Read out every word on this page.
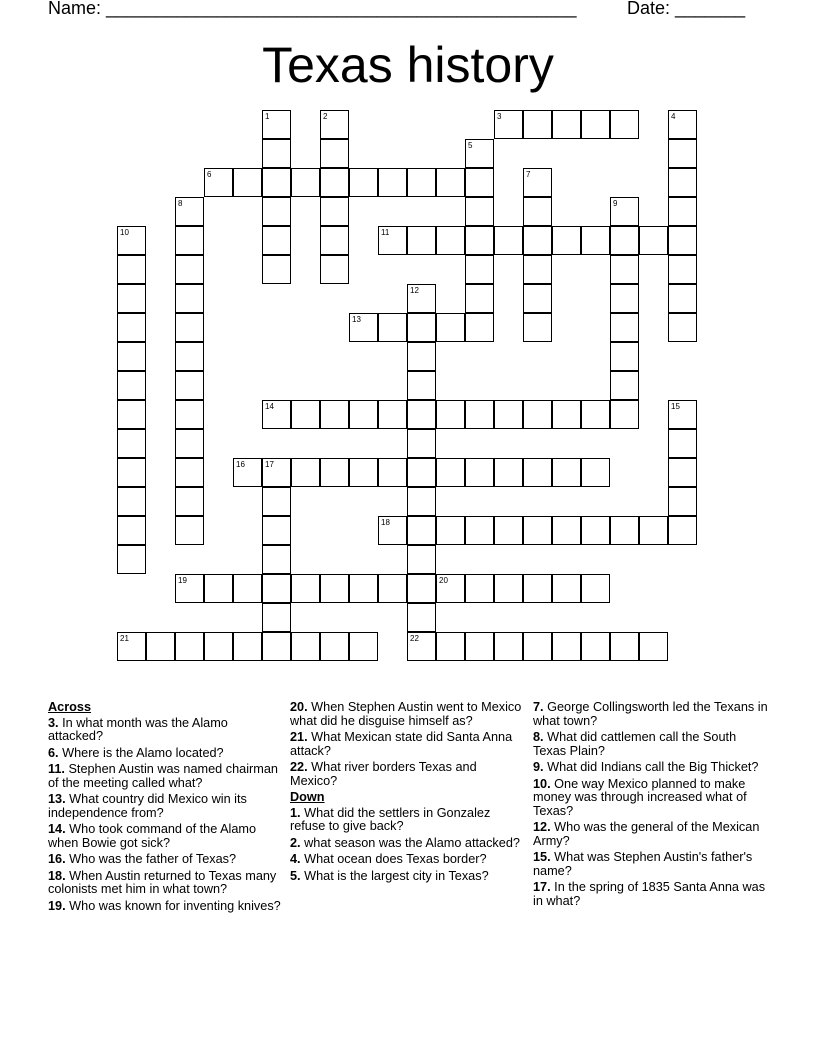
Name: _______________________________________________	Date: _______
Texas history
3
6
11
13
14
16	17
18
19	20
21	22
1	2	4
5
7
8	9
10
12
15
Across
3. In what month was the Alamo attacked?
6. Where is the Alamo located?
11. Stephen Austin was named chairman of the meeting called what?
13. What country did Mexico win its independence from?
14. Who took command of the Alamo when Bowie got sick?
16. Who was the father of Texas?
18. When Austin returned to Texas many colonists met him in what town?
19. Who was known for inventing knives?
20. When Stephen Austin went to Mexico what did he disguise himself as?
21. What Mexican state did Santa Anna attack?
22. What river borders Texas and Mexico?
Down
1. What did the settlers in Gonzalez refuse to give back?
2. what season was the Alamo attacked?
4. What ocean does Texas border?
5. What is the largest city in Texas?
7. George Collingsworth led the Texans in what town?
8. What did cattlemen call the South Texas Plain?
9. What did Indians call the Big Thicket?
10. One way Mexico planned to make money was through increased what of Texas?
12. Who was the general of the Mexican Army?
15. What was Stephen Austin's father's name?
17. In the spring of 1835 Santa Anna was in what?
